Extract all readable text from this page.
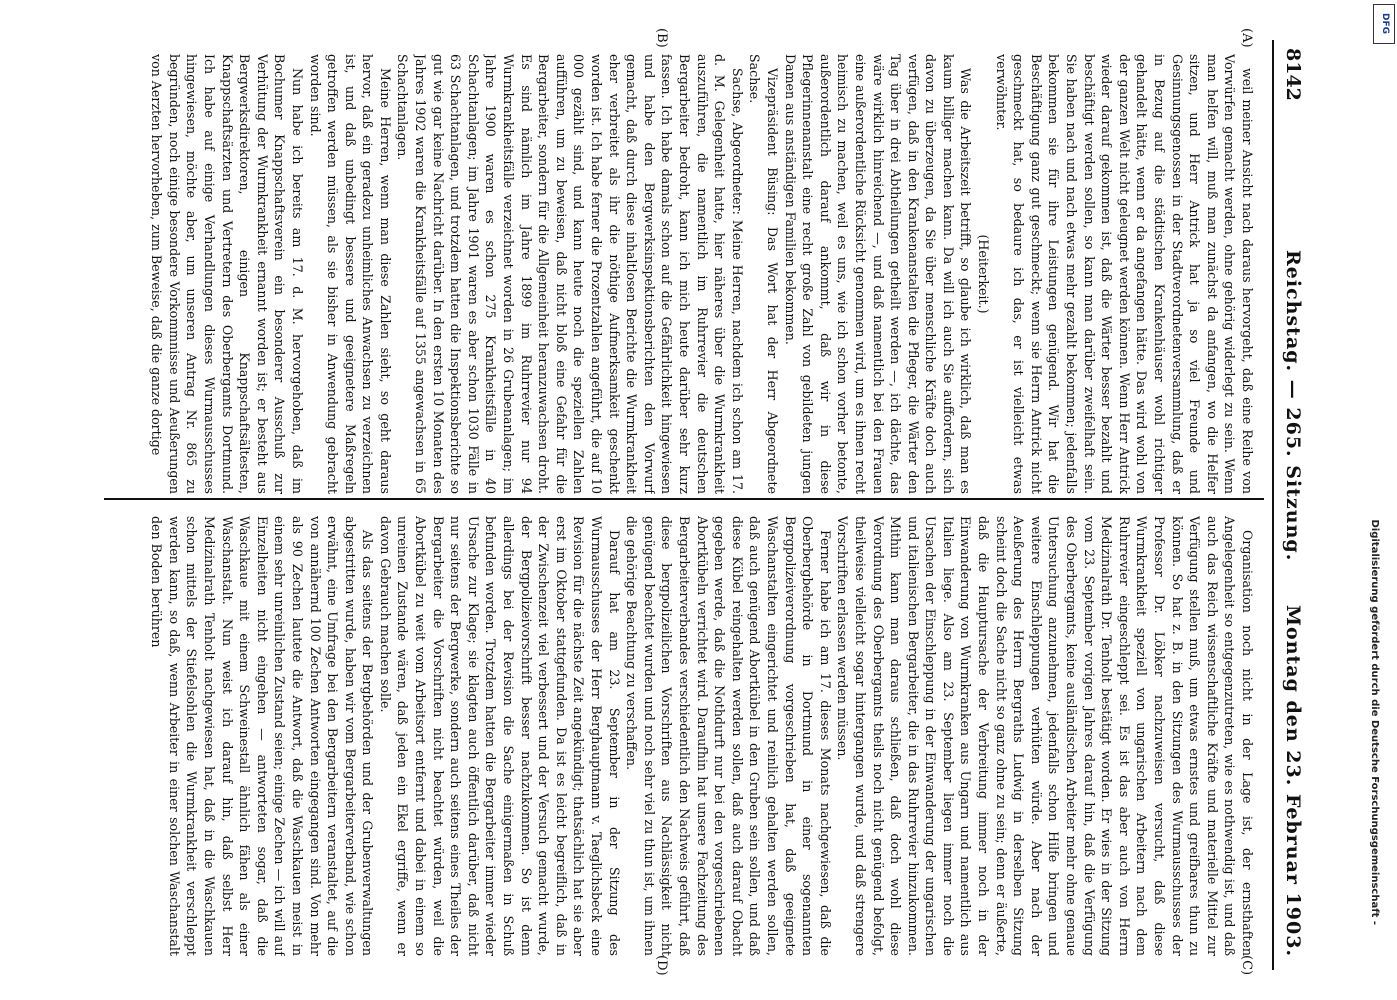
8142
Reichstag. — 265. Sitzung.
Montag den 23. Februar 1903.
(A)
(B)
(C)
(D)

weil meiner Ansicht nach daraus hervorgeht, daß eine Reihe von Vorwürfen gemacht werden, ohne gehörig widerlegt zu sein. Wenn man helfen will, muß man zunächst da anfangen, wo die Helfer sitzen, und Herr Antrick hat ja so viel Freunde und Gesinnungsgenossen in der Stadtverordnetenversammlung, daß er in Bezug auf die städtischen Krankenhäuser wohl richtiger gehandelt hätte, wenn er da angefangen hätte. Das wird wohl von der ganzen Welt nicht geleugnet werden können. Wenn Herr Antrick wieder darauf gekommen ist, daß die Wärter besser bezahlt und beschäftigt werden sollen, so kann man darüber zweifelhaft sein. Sie haben nach und nach etwas mehr gezahlt bekommen; jedenfalls bekommen sie für ihre Leistungen genügend. Wir hat die Beschäftigung ganz gut geschmeckt; wenn sie Herrn Antrick nicht geschmeckt hat, so bedaure ich das, er ist vielleicht etwas verwöhnter.

(Heiterkeit.)

Was die Arbeitszeit betrifft, so glaube ich wirklich, daß man es kaum billiger machen kann. Da will ich auch Sie auffordern, sich davon zu überzeugen, da Sie über menschliche Kräfte doch auch verfügen, daß in den Krankenanstalten die Pfleger, die Wärter den Tag über in drei Abtheilungen getheilt werden —, ich dächte, das wäre wirklich hinreichend —, und daß namentlich bei den Frauen eine außerordentliche Rücksicht genommen wird, um es ihnen recht heimisch zu machen, weil es uns, wie ich schon vorher betonte, außerordentlich darauf ankommt, daß wir in diese Pflegerinnenanstalt eine recht große Zahl von gebildeten jungen Damen aus anständigen Familien bekommen.

Vizepräsident Büsing: Das Wort hat der Herr Abgeordnete Sachse.

Sachse, Abgeordneter: Meine Herren, nachdem ich schon am 17. d. M. Gelegenheit hatte, hier näheres über die Wurmkrankheit auszuführen, die namentlich im Ruhrrevier die deutschen Bergarbeiter bedroht, kann ich mich heute darüber sehr kurz fassen. Ich habe damals schon auf die Gefährlichkeit hingewiesen und habe den Bergwerksinspektionsberichten den Vorwurf gemacht, daß durch diese inhaltlosen Berichte die Wurmkrankheit eher verbreitet als ihr die nöthige Aufmerksamkeit geschenkt worden ist. Ich habe ferner die Prozentzahlen angeführt, die auf 10 000 gezählt sind, und kann heute noch die speziellen Zahlen aufführen, um zu beweisen, daß nicht bloß eine Gefahr für die Bergarbeiter, sondern für die Allgemeinheit heranzuwachsen droht. Es sind nämlich im Jahre 1899 im Ruhrrevier nur 94 Wurmkrankheitsfälle verzeichnet worden in 26 Grubenanlagen; im Jahre 1900 waren es schon 275 Krankheitsfälle in 40 Schachtanlagen; im Jahre 1901 waren es aber schon 1030 Fälle in 63 Schachtanlagen, und trotzdem hatten die Inspektionsberichte so gut wie gar keine Nachricht darüber. In den ersten 10 Monaten des Jahres 1902 waren die Krankheitsfälle auf 1355 angewachsen in 65 Schachtanlagen.

Meine Herren, wenn man diese Zahlen sieht, so geht daraus hervor, daß ein geradezu unheimliches Anwachsen zu verzeichnen ist, und daß unbedingt bessere und geeignetere Maßregeln getroffen werden müssen, als sie bisher in Anwendung gebracht worden sind.

Nun habe ich bereits am 17. d. M. hervorgehoben, daß im Bochumer Knappschaftsverein ein besonderer Ausschuß zur Verhütung der Wurmkrankheit ernannt worden ist; er besteht aus Bergwerksdirektoren, einigen Knappschaftsältesten, Knappschaftsärzten und Vertretern des Oberbergamts Dortmund. Ich habe auf einige Verhandlungen dieses Wurmausschusses hingewiesen, möchte aber, um unseren Antrag Nr. 865 zu begründen, noch einige besondere Vorkommnisse und Aeußerungen von Aerzten hervorheben, zum Beweise, daß die ganze dortige

Organisation noch nicht in der Lage ist, der ernsthaften Angelegenheit so entgegenzutreten, wie es nothwendig ist, und daß auch das Reich wissenschaftliche Kräfte und materielle Mittel zur Verfügung stellen muß, um etwas ernstes und greifbares thun zu können. So hat z. B. in den Sitzungen des Wurmausschusses der Professor Dr. Löbker nachzuweisen versucht, daß diese Wurmkrankheit speziell von ungarischen Arbeitern nach dem Ruhrrevier eingeschleppt sei. Es ist das aber auch von Herrn Medizinalrath Dr. Tenholt bestätigt worden. Er wies in der Sitzung vom 23. September vorigen Jahres darauf hin, daß die Verfügung des Oberbergamts, keine ausländischen Arbeiter mehr ohne genaue Untersuchung anzunehmen, jedenfalls schon Hilfe bringen und weitere Einschleppungen verhüten würde. Aber nach der Aeußerung des Herrn Bergraths Ludwig in derselben Sitzung scheint doch die Sache nicht so ganz ohne zu sein; denn er äußerte, daß die Hauptursache der Verbreitung immer noch in der Einwanderung von Wurmkranken aus Ungarn und namentlich aus Italien liege. Also am 23. September liegen immer noch die Ursachen der Einschleppung in der Einwanderung der ungarischen und italienischen Bergarbeiter, die in das Ruhrrevier hinzukommen. Mithin kann man daraus schließen, daß doch wohl diese Verordnung des Oberbergamts theils noch nicht genügend befolgt, theilweise vielleicht sogar hintergangen wurde, und daß strengere Vorschriften erlassen werden müssen.

Ferner habe ich am 17. dieses Monats nachgewiesen, daß die Oberbergbehörde in Dortmund in einer sogenannten Bergpolizeiverordnung vorgeschrieben hat, daß geeignete Waschanstalten eingerichtet und reinlich gehalten werden sollen, daß auch genügend Abortkübel in den Gruben sein sollen, und daß diese Kübel reingehalten werden sollen, daß auch darauf Obacht gegeben werde, daß die Nothdurft nur bei den vorgeschriebenen Abortkübeln verrichtet wird. Daraufhin hat unsere Fachzeitung des Bergarbeiterverbandes verschiedentlich den Nachweis geführt, daß diese bergpolizeilichen Vorschriften aus Nachlässigkeit nicht genügend beachtet wurden und noch sehr viel zu thun ist, um ihnen die gehörige Beachtung zu verschaffen.

Darauf hat am 23. September in der Sitzung des Wurmausschusses der Herr Berghauptmann v. Taeglichsbeck eine Revision für die nächste Zeit angekündigt; thatsächlich hat sie aber erst im Oktober stattgefunden. Da ist es leicht begreiflich, daß in der Zwischenzeit viel verbessert und der Versuch gemacht wurde, der Bergpolizeivorschrift besser nachzukommen. So ist denn allerdings bei der Revision die Sache einigermaßen in Schuß befunden worden. Trotzdem hatten die Bergarbeiter immer wieder Ursache zur Klage; sie klagten auch öffentlich darüber, daß nicht nur seitens der Bergwerke, sondern auch seitens eines Theiles der Bergarbeiter die Vorschriften nicht beachtet würden, weil die Abortkübel zu weit vom Arbeitsort entfernt und dabei in einem so unreinen Zustande wären, daß jeden ein Ekel ergriffe, wenn er davon Gebrauch machen solle.

Als das seitens der Bergbehörden und der Grubenverwaltungen abgestritten wurde, haben wir vom Bergarbeiterverband, wie schon erwähnt, eine Umfrage bei den Bergarbeitern veranstaltet, auf die von annähernd 100 Zechen Antworten eingegangen sind. Von mehr als 90 Zechen lautete die Antwort, daß die Waschkauen meist in einem sehr unreinlichen Zustand seien; einige Zechen — ich will auf Einzelheiten nicht eingehen — antworteten sogar, daß die Waschkaue mit einem Schweinestall ähnlich fähen als einer Waschanstalt. Nun weist ich darauf hin, daß selbst Herr Medizinalrath Tenholt nachgewiesen hat, daß in die Waschkauen schon mittels der Stiefelsohlen die Wurmkrankheit verschleppt werden kann, so daß, wenn Arbeiter in einer solchen Waschanstalt den Boden berühren	Digitalisierung gefördert durch die Deutsche Forschungsgemeinschaft -
DFG
